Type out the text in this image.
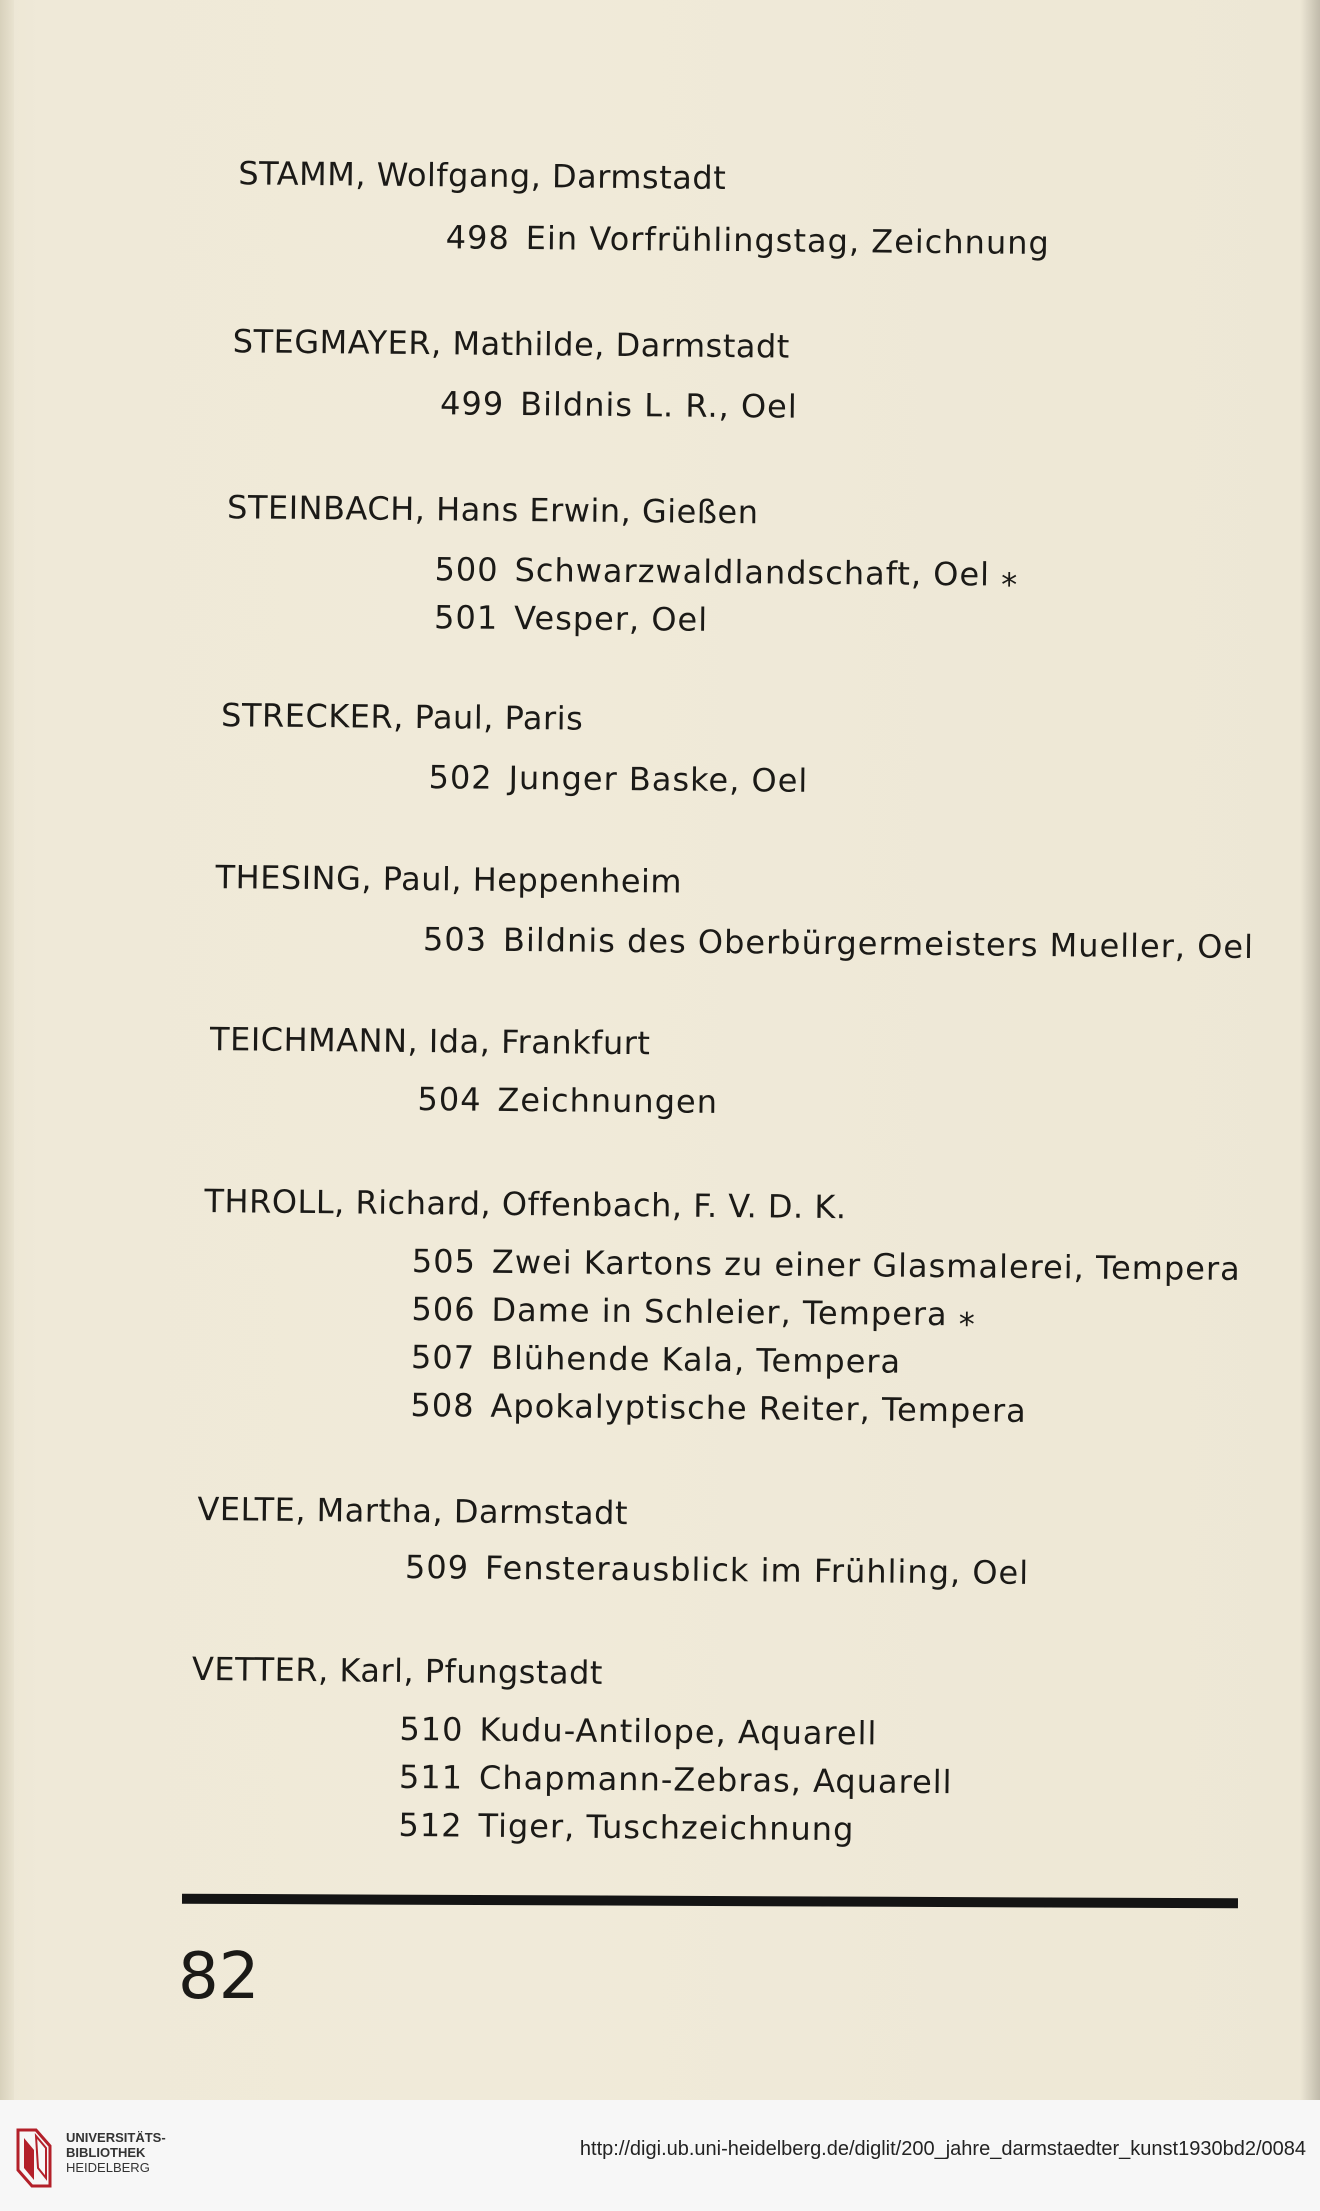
STAMM, Wolfgang, Darmstadt
498 Ein Vorfrühlingstag, Zeichnung
STEGMAYER, Mathilde, Darmstadt
499 Bildnis L. R., Oel
STEINBACH, Hans Erwin, Gießen
500 Schwarzwaldlandschaft, Oel ⁎
501 Vesper, Oel
STRECKER, Paul, Paris
502 Junger Baske, Oel
THESING, Paul, Heppenheim
503 Bildnis des Oberbürgermeisters Mueller, Oel
TEICHMANN, Ida, Frankfurt
504 Zeichnungen
THROLL, Richard, Offenbach, F. V. D. K.
505 Zwei Kartons zu einer Glasmalerei, Tempera
506 Dame in Schleier, Tempera ⁎
507 Blühende Kala, Tempera
508 Apokalyptische Reiter, Tempera
VELTE, Martha, Darmstadt
509 Fensterausblick im Frühling, Oel
VETTER, Karl, Pfungstadt
510 Kudu-Antilope, Aquarell
511 Chapmann-Zebras, Aquarell
512 Tiger, Tuschzeichnung
82
UNIVERSITÄTS-
BIBLIOTHEK
HEIDELBERG
http://digi.ub.uni-heidelberg.de/diglit/200_jahre_darmstaedter_kunst1930bd2/0084
